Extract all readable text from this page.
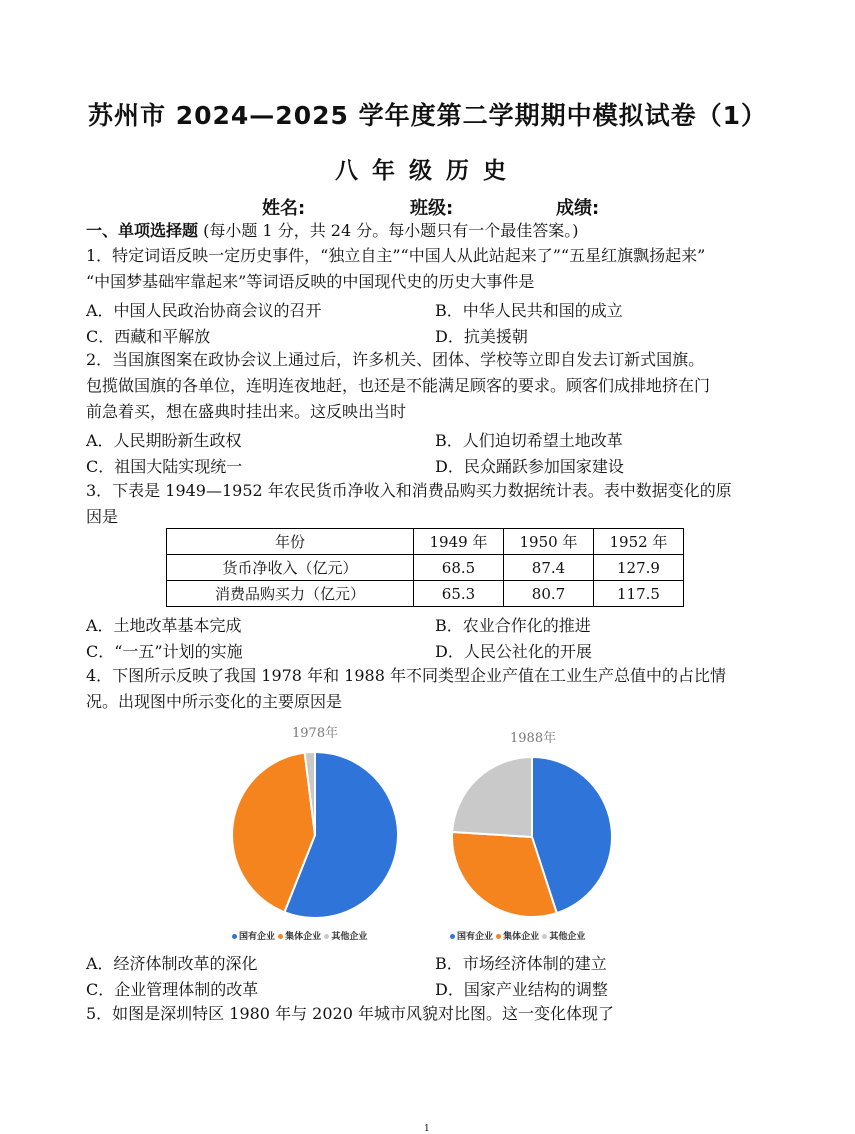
苏州市 2024—2025 学年度第二学期期中模拟试卷（1）
八年级历史
姓名:	班级:	成绩:
一、单项选择题 (每小题 1 分，共 24 分。每小题只有一个最佳答案。)
1．特定词语反映一定历史事件，“独立自主”“中国人从此站起来了”“五星红旗飘扬起来”
“中国梦基础牢靠起来”等词语反映的中国现代史的历史大事件是
A．中国人民政治协商会议的召开	B．中华人民共和国的成立
C．西藏和平解放	D．抗美援朝
2．当国旗图案在政协会议上通过后，许多机关、团体、学校等立即自发去订新式国旗。
包揽做国旗的各单位，连明连夜地赶，也还是不能满足顾客的要求。顾客们成排地挤在门
前急着买，想在盛典时挂出来。这反映出当时
A．人民期盼新生政权	B．人们迫切希望土地改革
C．祖国大陆实现统一	D．民众踊跃参加国家建设
3．下表是 1949—1952 年农民货币净收入和消费品购买力数据统计表。表中数据变化的原
因是
年份	1949 年	1950 年	1952 年
货币净收入（亿元）	68.5	87.4	127.9
消费品购买力（亿元）	65.3	80.7	117.5
A．土地改革基本完成	B．农业合作化的推进
C．“一五”计划的实施	D．人民公社化的开展
4．下图所示反映了我国 1978 年和 1988 年不同类型企业产值在工业生产总值中的占比情
况。出现图中所示变化的主要原因是
1978年
国有企业 集体企业 其他企业
1988年
国有企业 集体企业 其他企业
A．经济体制改革的深化	B．市场经济体制的建立
C．企业管理体制的改革	D．国家产业结构的调整
5．如图是深圳特区 1980 年与 2020 年城市风貌对比图。这一变化体现了
1
